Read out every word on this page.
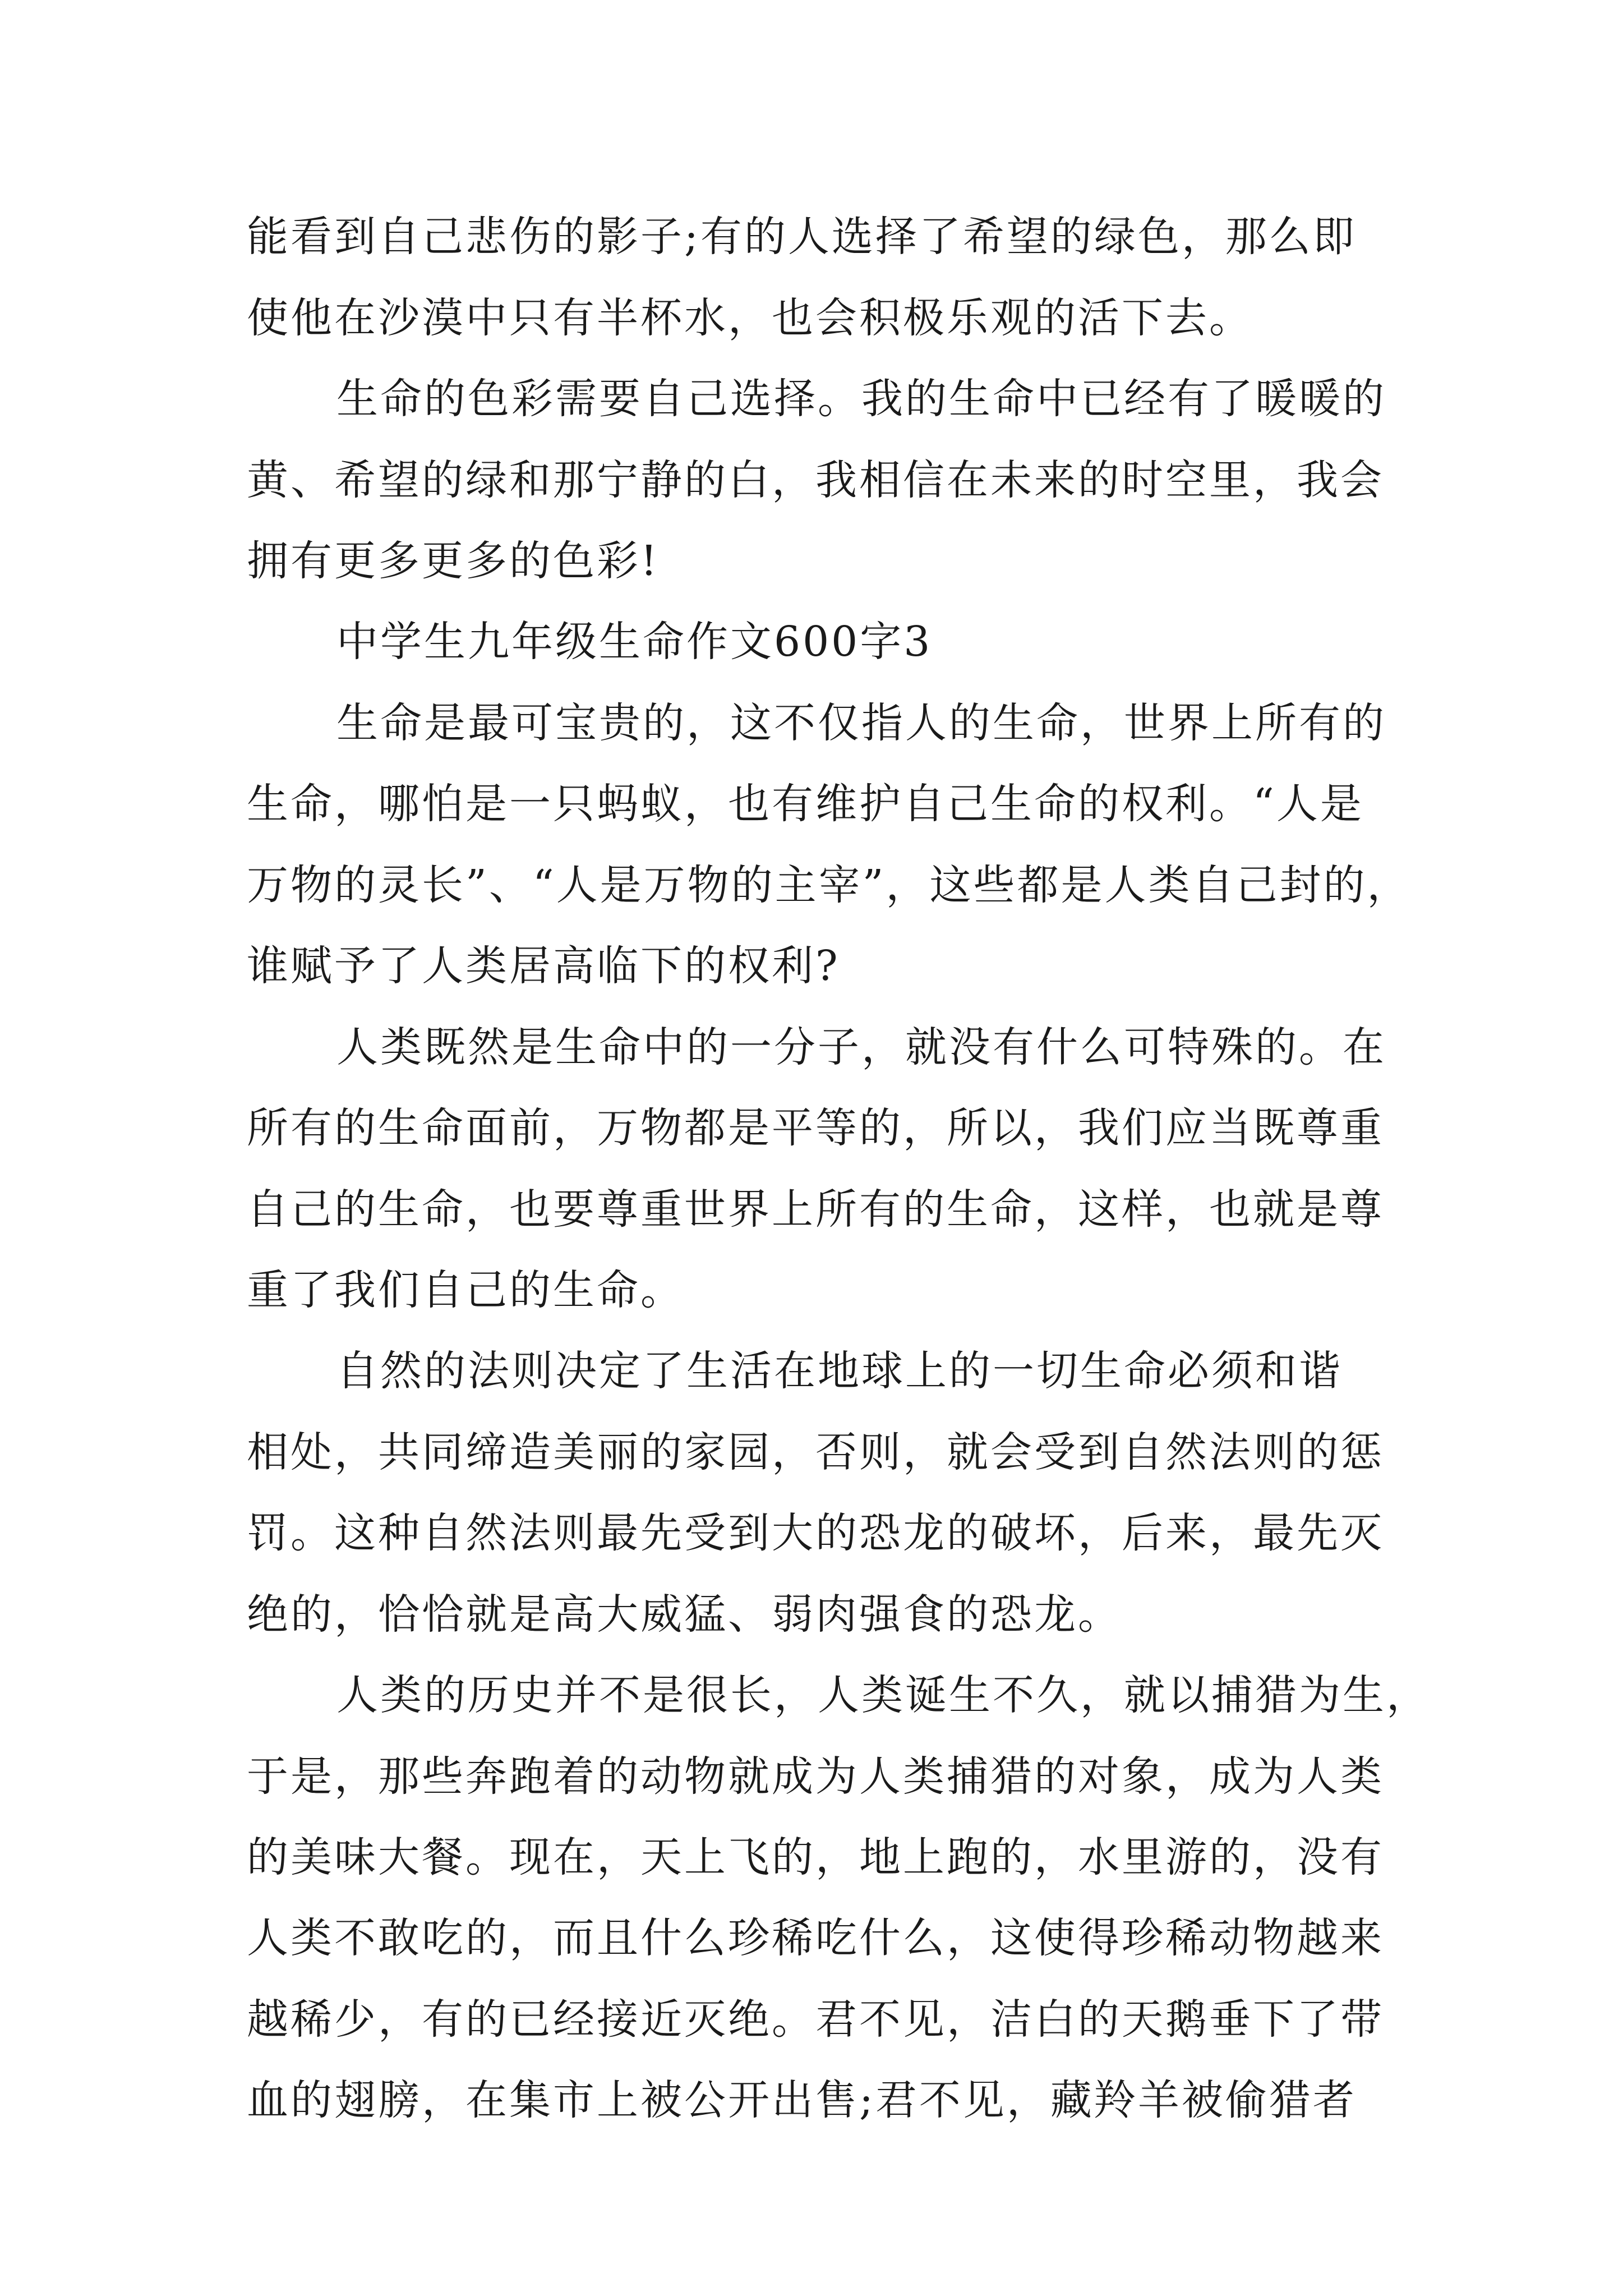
能看到自己悲伤的影子;有的人选择了希望的绿色，那么即
使他在沙漠中只有半杯水，也会积极乐观的活下去。
生命的色彩需要自己选择。我的生命中已经有了暖暖的
黄、希望的绿和那宁静的白，我相信在未来的时空里，我会
拥有更多更多的色彩!
中学生九年级生命作文600字3
生命是最可宝贵的，这不仅指人的生命，世界上所有的
生命，哪怕是一只蚂蚁，也有维护自己生命的权利。“人是
万物的灵长”、“人是万物的主宰”，这些都是人类自己封的，
谁赋予了人类居高临下的权利?
人类既然是生命中的一分子，就没有什么可特殊的。在
所有的生命面前，万物都是平等的，所以，我们应当既尊重
自己的生命，也要尊重世界上所有的生命，这样，也就是尊
重了我们自己的生命。
自然的法则决定了生活在地球上的一切生命必须和谐
相处，共同缔造美丽的家园，否则，就会受到自然法则的惩
罚。这种自然法则最先受到大的恐龙的破坏，后来，最先灭
绝的，恰恰就是高大威猛、弱肉强食的恐龙。
人类的历史并不是很长，人类诞生不久，就以捕猎为生，
于是，那些奔跑着的动物就成为人类捕猎的对象，成为人类
的美味大餐。现在，天上飞的，地上跑的，水里游的，没有
人类不敢吃的，而且什么珍稀吃什么，这使得珍稀动物越来
越稀少，有的已经接近灭绝。君不见，洁白的天鹅垂下了带
血的翅膀，在集市上被公开出售;君不见，藏羚羊被偷猎者
